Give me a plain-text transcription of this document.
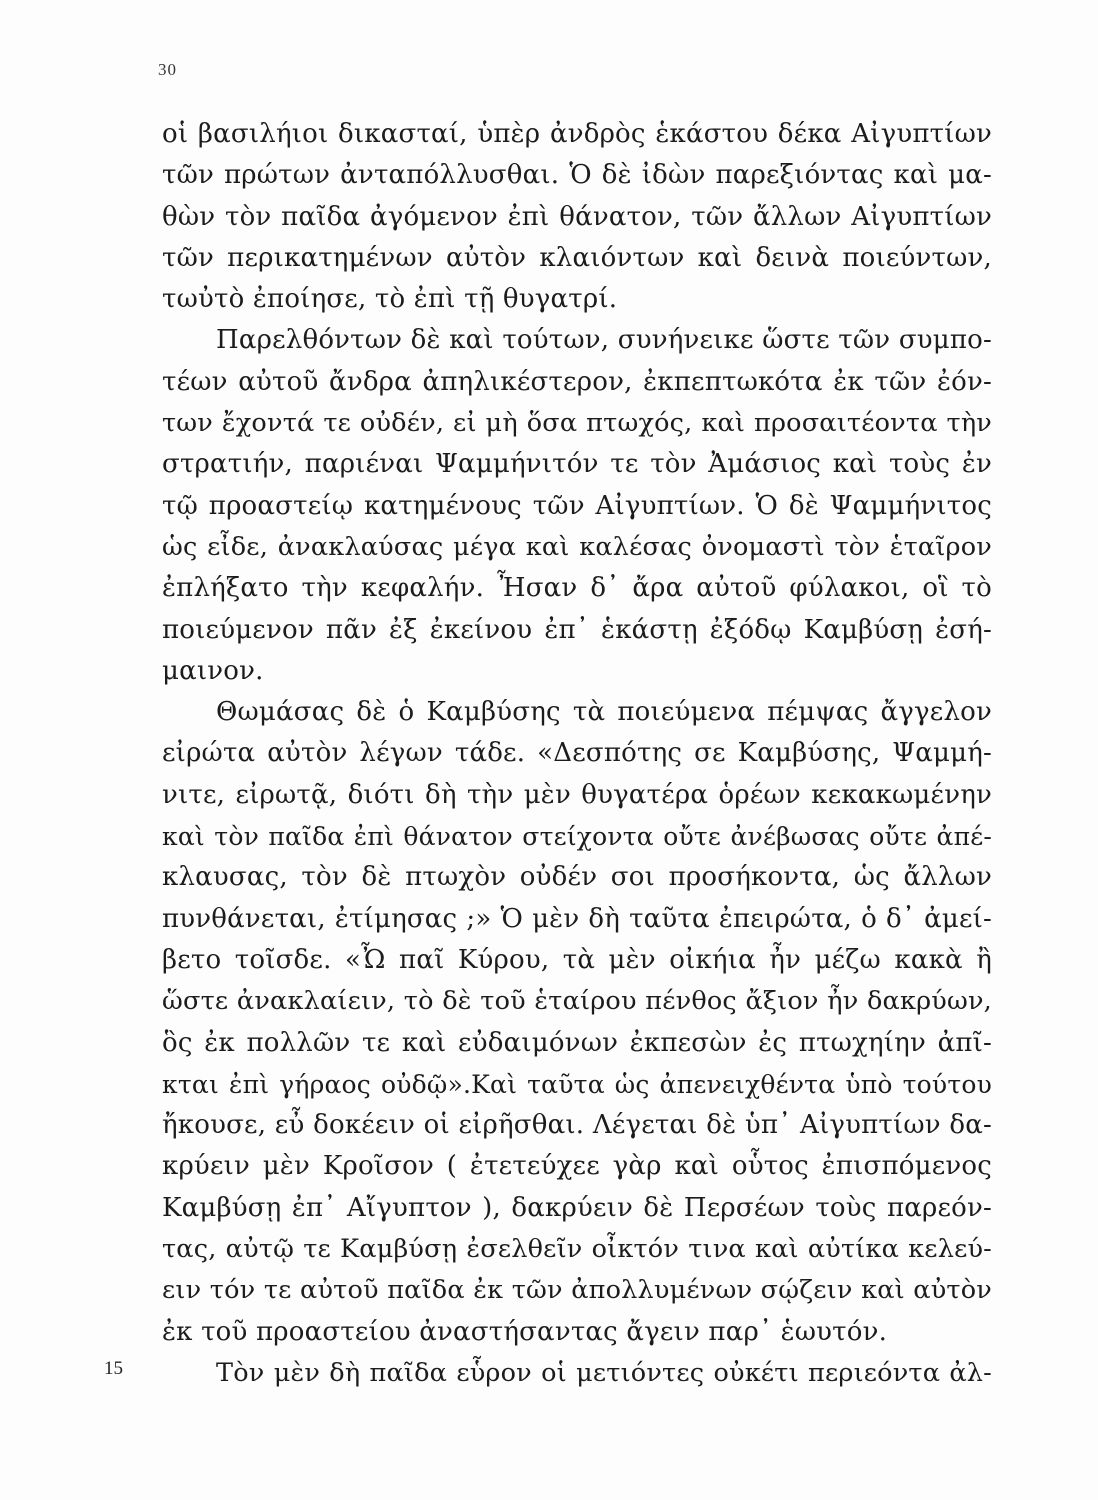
30
οἱ βασιλήιοι δικασταί, ὑπὲρ ἀνδρὸς ἑκάστου δέκα Αἰγυπτίων
τῶν πρώτων ἀνταπόλλυσθαι. Ὁ δὲ ἰδὼν παρεξιόντας καὶ μα-
θὼν τὸν παῖδα ἀγόμενον ἐπὶ θάνατον, τῶν ἄλλων Αἰγυπτίων
τῶν περικατημένων αὐτὸν κλαιόντων καὶ δεινὰ ποιεύντων,
τωὐτὸ ἐποίησε, τὸ ἐπὶ τῇ θυγατρί.
Παρελθόντων δὲ καὶ τούτων, συνήνεικε ὥστε τῶν συμπο-
τέων αὐτοῦ ἄνδρα ἀπηλικέστερον, ἐκπεπτωκότα ἐκ τῶν ἐόν-
των ἔχοντά τε οὐδέν, εἰ μὴ ὅσα πτωχός, καὶ προσαιτέοντα τὴν
στρατιήν, παριέναι Ψαμμήνιτόν τε τὸν Ἀμάσιος καὶ τοὺς ἐν
τῷ προαστείῳ κατημένους τῶν Αἰγυπτίων. Ὁ δὲ Ψαμμήνιτος
ὡς εἶδε, ἀνακλαύσας μέγα καὶ καλέσας ὀνομαστὶ τὸν ἑταῖρον
ἐπλήξατο τὴν κεφαλήν. Ἦσαν δ᾽ ἄρα αὐτοῦ φύλακοι, οἳ τὸ
ποιεύμενον πᾶν ἐξ ἐκείνου ἐπ᾽ ἑκάστῃ ἐξόδῳ Καμβύσῃ ἐσή-
μαινον.
Θωμάσας δὲ ὁ Καμβύσης τὰ ποιεύμενα πέμψας ἄγγελον
εἰρώτα αὐτὸν λέγων τάδε. «Δεσπότης σε Καμβύσης, Ψαμμή-
νιτε, εἰρωτᾷ, διότι δὴ τὴν μὲν θυγατέρα ὁρέων κεκακωμένην
καὶ τὸν παῖδα ἐπὶ θάνατον στείχοντα οὔτε ἀνέβωσας οὔτε ἀπέ-
κλαυσας, τὸν δὲ πτωχὸν οὐδέν σοι προσήκοντα, ὡς ἄλλων
πυνθάνεται, ἐτίμησας ;» Ὁ μὲν δὴ ταῦτα ἐπειρώτα, ὁ δ᾽ ἀμεί-
βετο τοῖσδε. «Ὦ παῖ Κύρου, τὰ μὲν οἰκήια ἦν μέζω κακὰ ἢ
ὥστε ἀνακλαίειν, τὸ δὲ τοῦ ἑταίρου πένθος ἄξιον ἦν δακρύων,
ὃς ἐκ πολλῶν τε καὶ εὐδαιμόνων ἐκπεσὼν ἐς πτωχηίην ἀπῖ-
κται ἐπὶ γήραος οὐδῷ».Καὶ ταῦτα ὡς ἀπενειχθέντα ὑπὸ τούτου
ἤκουσε, εὖ δοκέειν οἱ εἰρῆσθαι. Λέγεται δὲ ὑπ᾽ Αἰγυπτίων δα-
κρύειν μὲν Κροῖσον ( ἐτετεύχεε γὰρ καὶ οὗτος ἐπισπόμενος
Καμβύσῃ ἐπ᾽ Αἴγυπτον ), δακρύειν δὲ Περσέων τοὺς παρεόν-
τας, αὐτῷ τε Καμβύσῃ ἐσελθεῖν οἶκτόν τινα καὶ αὐτίκα κελεύ-
ειν τόν τε αὐτοῦ παῖδα ἐκ τῶν ἀπολλυμένων σῴζειν καὶ αὐτὸν
ἐκ τοῦ προαστείου ἀναστήσαντας ἄγειν παρ᾽ ἑωυτόν.
Τὸν μὲν δὴ παῖδα εὗρον οἱ μετιόντες οὐκέτι περιεόντα ἀλ-
15
